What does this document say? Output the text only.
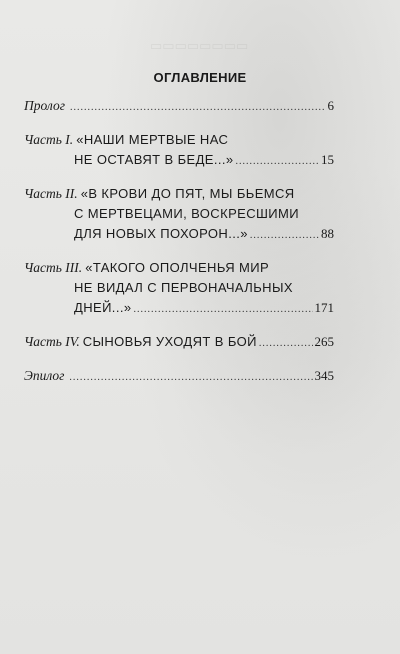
▭▭▭▭▭▭▭▭
ОГЛАВЛЕНИЕ
Пролог .....	6
Часть I. «НАШИ МЕРТВЫЕ НАС
НЕ ОСТАВЯТ В БЕДЕ...» .....	15
Часть II. «В КРОВИ ДО ПЯТ, МЫ БЬЕМСЯ
С МЕРТВЕЦАМИ, ВОСКРЕСШИМИ
ДЛЯ НОВЫХ ПОХОРОН...» .....	88
Часть III. «ТАКОГО ОПОЛЧЕНЬЯ МИР
НЕ ВИДАЛ С ПЕРВОНАЧАЛЬНЫХ
ДНЕЙ...» .....	171
Часть IV. СЫНОВЬЯ УХОДЯТ В БОЙ .....	265
Эпилог .....	345
